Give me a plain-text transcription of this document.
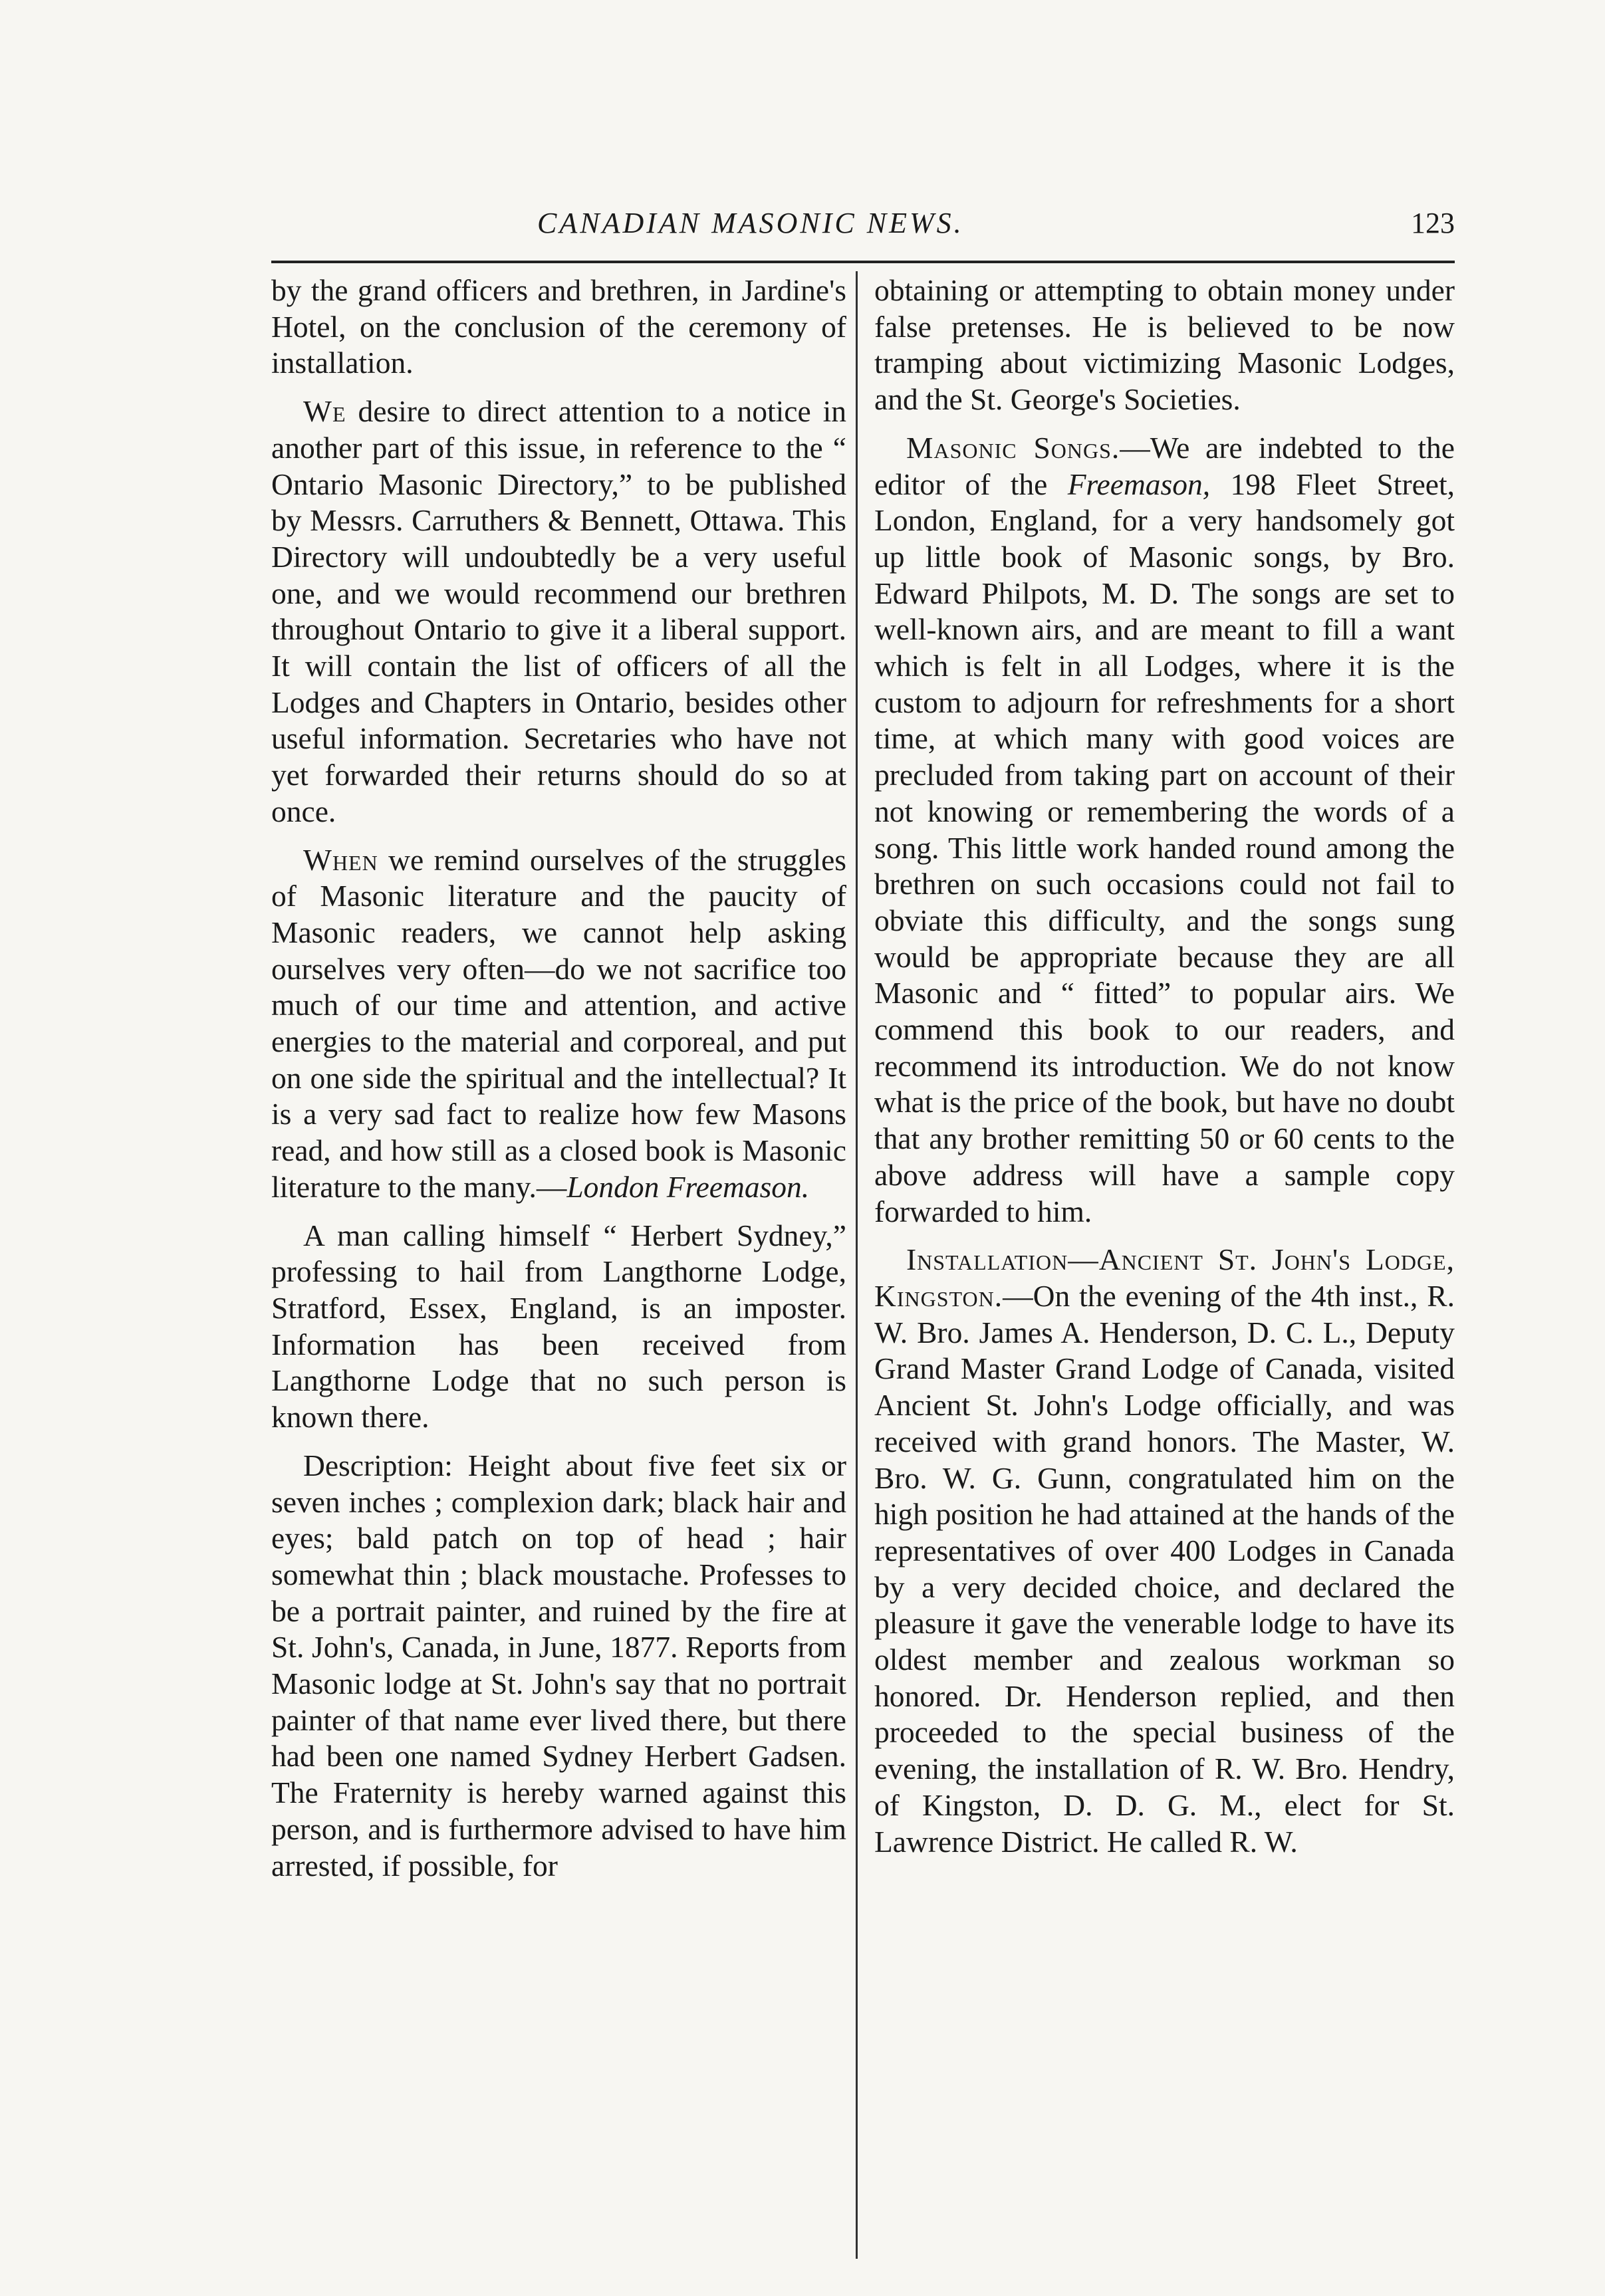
CANADIAN MASONIC NEWS.	123

by the grand officers and brethren, in Jardine's Hotel, on the conclusion of the ceremony of installation.

We desire to direct attention to a notice in another part of this issue, in reference to the “ Ontario Masonic Directory,” to be published by Messrs. Carruthers & Bennett, Ottawa. This Directory will undoubtedly be a very useful one, and we would recommend our brethren throughout Ontario to give it a liberal support. It will contain the list of officers of all the Lodges and Chapters in Ontario, besides other useful information. Secretaries who have not yet forwarded their returns should do so at once.

When we remind ourselves of the struggles of Masonic literature and the paucity of Masonic readers, we cannot help asking ourselves very often—do we not sacrifice too much of our time and attention, and active energies to the material and corporeal, and put on one side the spiritual and the intellectual? It is a very sad fact to realize how few Masons read, and how still as a closed book is Masonic literature to the many.—London Freemason.

A man calling himself “ Herbert Sydney,” professing to hail from Langthorne Lodge, Stratford, Essex, England, is an imposter. Information has been received from Langthorne Lodge that no such person is known there.

Description: Height about five feet six or seven inches ; complexion dark; black hair and eyes; bald patch on top of head ; hair somewhat thin ; black moustache. Professes to be a portrait painter, and ruined by the fire at St. John's, Canada, in June, 1877. Reports from Masonic lodge at St. John's say that no portrait painter of that name ever lived there, but there had been one named Sydney Herbert Gadsen. The Fraternity is hereby warned against this person, and is furthermore advised to have him arrested, if possible, for

obtaining or attempting to obtain money under false pretenses. He is believed to be now tramping about victimizing Masonic Lodges, and the St. George's Societies.

Masonic Songs.—We are indebted to the editor of the Freemason, 198 Fleet Street, London, England, for a very handsomely got up little book of Masonic songs, by Bro. Edward Philpots, M. D. The songs are set to well-known airs, and are meant to fill a want which is felt in all Lodges, where it is the custom to adjourn for refreshments for a short time, at which many with good voices are precluded from taking part on account of their not knowing or remembering the words of a song. This little work handed round among the brethren on such occasions could not fail to obviate this difficulty, and the songs sung would be appropriate because they are all Masonic and “ fitted” to popular airs. We commend this book to our readers, and recommend its introduction. We do not know what is the price of the book, but have no doubt that any brother remitting 50 or 60 cents to the above address will have a sample copy forwarded to him.

Installation—Ancient St. John's Lodge, Kingston.—On the evening of the 4th inst., R. W. Bro. James A. Henderson, D. C. L., Deputy Grand Master Grand Lodge of Canada, visited Ancient St. John's Lodge officially, and was received with grand honors. The Master, W. Bro. W. G. Gunn, congratulated him on the high position he had attained at the hands of the representatives of over 400 Lodges in Canada by a very decided choice, and declared the pleasure it gave the venerable lodge to have its oldest member and zealous workman so honored. Dr. Henderson replied, and then proceeded to the special business of the evening, the installation of R. W. Bro. Hendry, of Kingston, D. D. G. M., elect for St. Lawrence District. He called R. W.
